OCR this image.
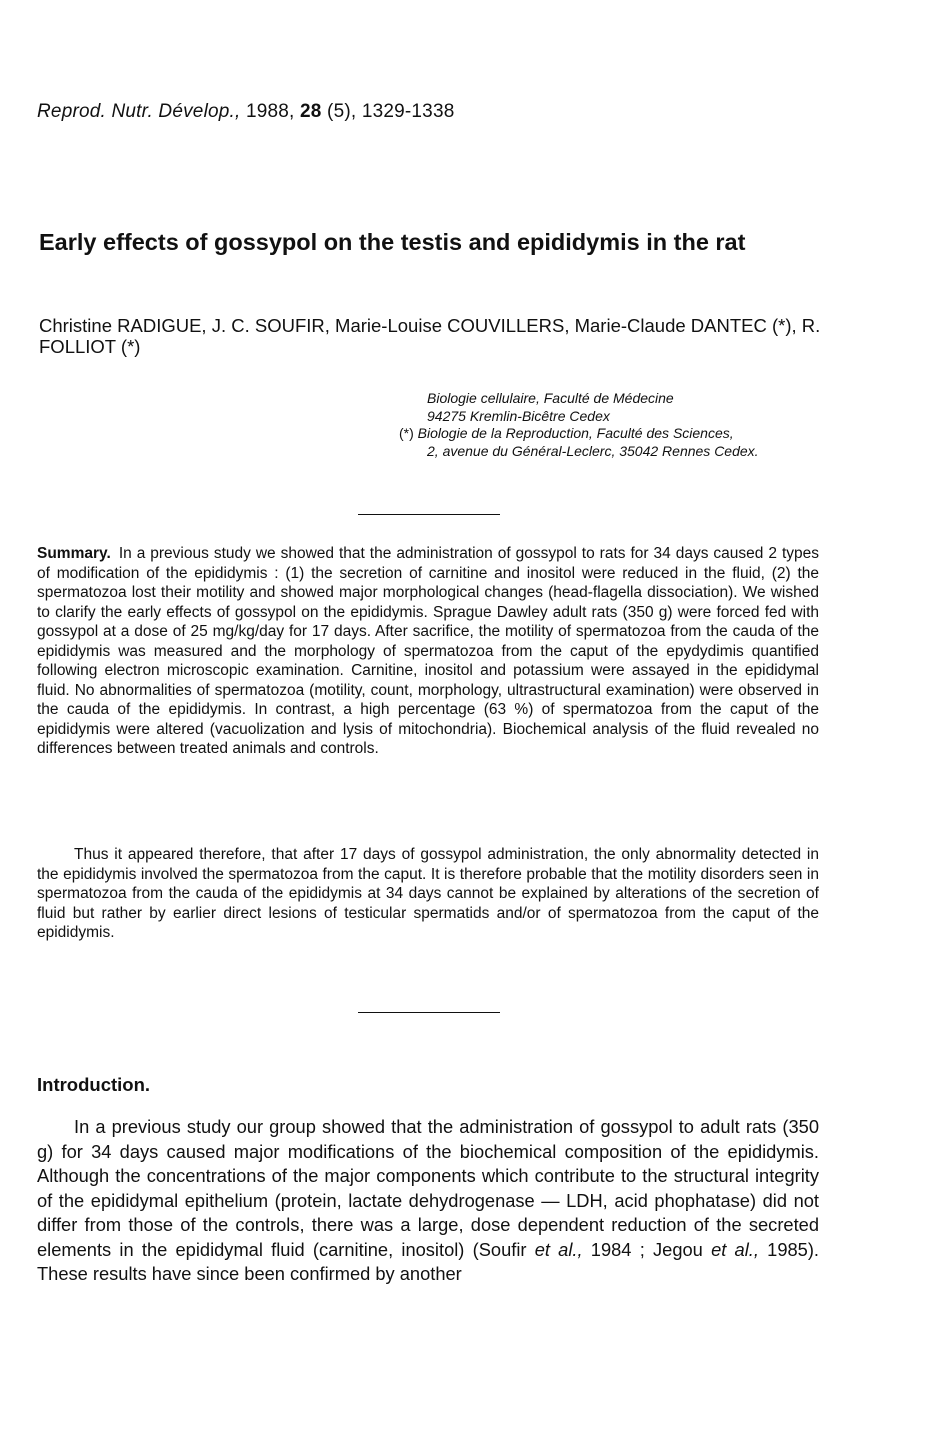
Reprod. Nutr. Dévelop., 1988, 28 (5), 1329-1338
Early effects of gossypol on the testis and epididymis in the rat

Christine RADIGUE, J. C. SOUFIR, Marie-Louise COUVILLERS, Marie-Claude DANTEC (*), R. FOLLIOT (*)

Biologie cellulaire, Faculté de Médecine
94275 Kremlin-Bicêtre Cedex
(*) Biologie de la Reproduction, Faculté des Sciences,
2, avenue du Général-Leclerc, 35042 Rennes Cedex.

Summary. In a previous study we showed that the administration of gossypol to rats for 34 days caused 2 types of modification of the epididymis : (1) the secretion of carnitine and inositol were reduced in the fluid, (2) the spermatozoa lost their motility and showed major morphological changes (head-flagella dissociation). We wished to clarify the early effects of gossypol on the epididymis. Sprague Dawley adult rats (350 g) were forced fed with gossypol at a dose of 25 mg/kg/day for 17 days. After sacrifice, the motility of spermatozoa from the cauda of the epididymis was measured and the morphology of spermatozoa from the caput of the epydydimis quantified following electron microscopic examination. Carnitine, inositol and potassium were assayed in the epididymal fluid. No abnormalities of spermatozoa (motility, count, morphology, ultrastructural examination) were observed in the cauda of the epididymis. In contrast, a high percentage (63 %) of spermatozoa from the caput of the epididymis were altered (vacuolization and lysis of mitochondria). Biochemical analysis of the fluid revealed no differences between treated animals and controls.

Thus it appeared therefore, that after 17 days of gossypol administration, the only abnormality detected in the epididymis involved the spermatozoa from the caput. It is therefore probable that the motility disorders seen in spermatozoa from the cauda of the epididymis at 34 days cannot be explained by alterations of the secretion of fluid but rather by earlier direct lesions of testicular spermatids and/or of spermatozoa from the caput of the epididymis.

Introduction.

In a previous study our group showed that the administration of gossypol to adult rats (350 g) for 34 days caused major modifications of the biochemical composition of the epididymis. Although the concentrations of the major components which contribute to the structural integrity of the epididymal epithelium (protein, lactate dehydrogenase — LDH, acid phophatase) did not differ from those of the controls, there was a large, dose dependent reduction of the secreted elements in the epididymal fluid (carnitine, inositol) (Soufir et al., 1984 ; Jegou et al., 1985). These results have since been confirmed by another
